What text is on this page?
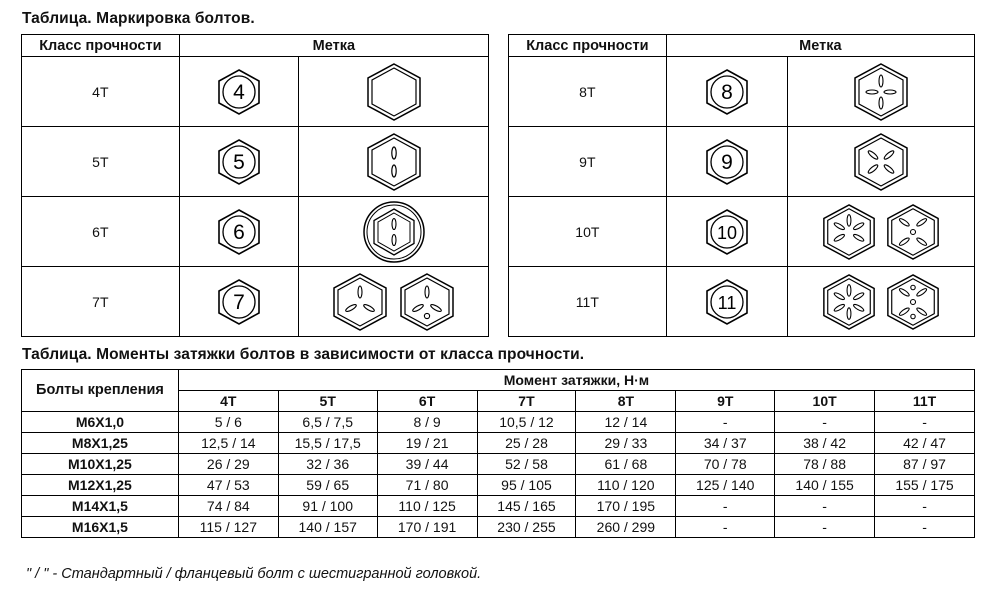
Таблица. Маркировка болтов.
Класс прочности	Метка	
4T	4

5T	5

6T	6

7T	7

Класс прочности	Метка	
8T	8

9T	9

10T	10

11T	11

Таблица. Моменты затяжки болтов в зависимости от класса прочности.
Болты крепления	Момент затяжки, Н·м							
	4T	5T	6T	7T	8T	9T	10T	11T
M6X1,0	5 / 6	6,5 / 7,5	8 / 9	10,5 / 12	12 / 14	-	-	-
M8X1,25	12,5 / 14	15,5 / 17,5	19 / 21	25 / 28	29 / 33	34 / 37	38 / 42	42 / 47
M10X1,25	26 / 29	32 / 36	39 / 44	52 / 58	61 / 68	70 / 78	78 / 88	87 / 97
M12X1,25	47 / 53	59 / 65	71 / 80	95 / 105	110 / 120	125 / 140	140 / 155	155 / 175
M14X1,5	74 / 84	91 / 100	110 / 125	145 / 165	170 / 195	-	-	-
M16X1,5	115 / 127	140 / 157	170 / 191	230 / 255	260 / 299	-	-	-
" / " - Стандартный / фланцевый болт с шестигранной головкой.
